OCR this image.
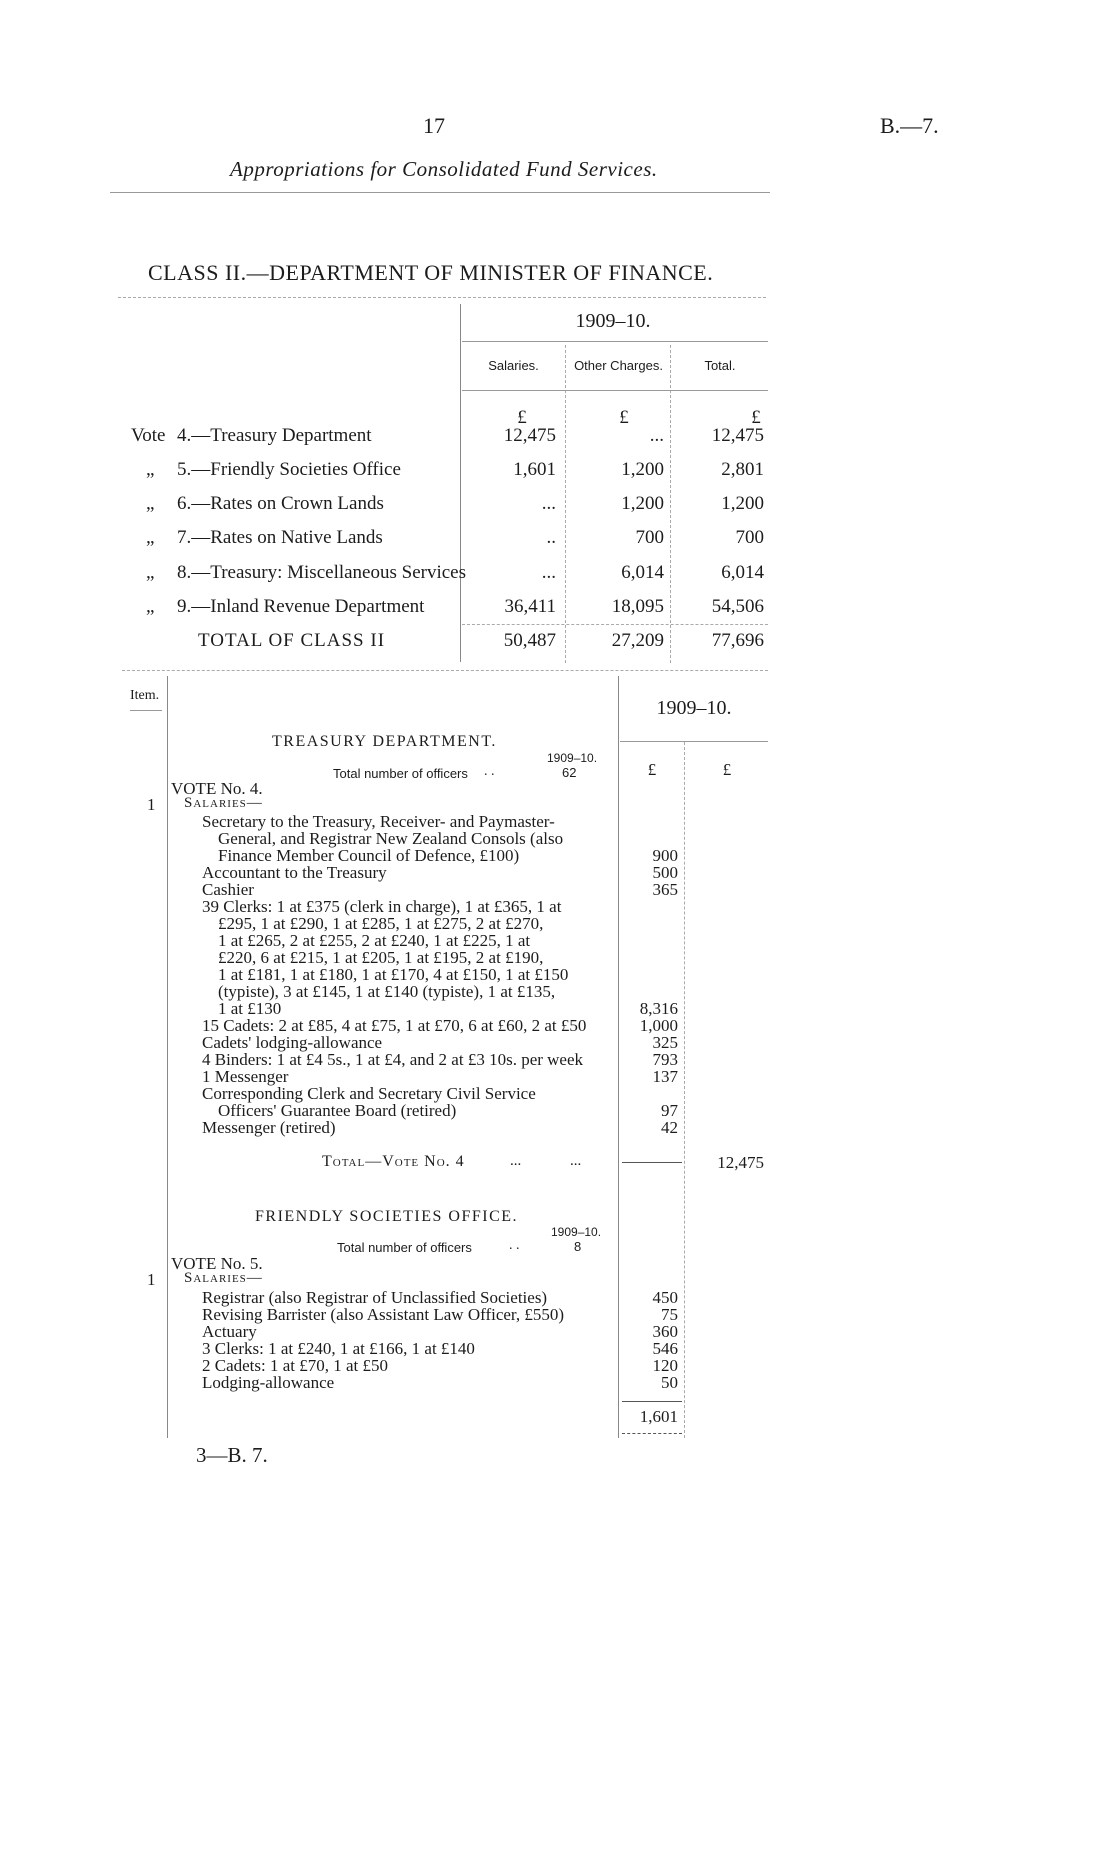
17	B.—7.
Appropriations for Consolidated Fund Services.
CLASS II.—DEPARTMENT OF MINISTER OF FINANCE.
1909–10.
Salaries.	Other Charges.	Total.
£	£	£
Vote 4.—Treasury Department	12,475	...	12,475
„ 5.—Friendly Societies Office	1,601	1,200	2,801
„ 6.—Rates on Crown Lands	...	1,200	1,200
„ 7.—Rates on Native Lands	..	700	700
„ 8.—Treasury: Miscellaneous Services	...	6,014	6,014
„ 9.—Inland Revenue Department	36,411	18,095	54,506
TOTAL OF CLASS II	50,487	27,209	77,696
Item.
1909–10.
£	£
TREASURY DEPARTMENT.
1909–10.
Total number of officers . .	62
VOTE No. 4.
1 Salaries—
Secretary to the Treasury, Receiver- and Paymaster-
General, and Registrar New Zealand Consols (also
Finance Member Council of Defence, £100)	900
Accountant to the Treasury	500
Cashier	365
39 Clerks: 1 at £375 (clerk in charge), 1 at £365, 1 at
£295, 1 at £290, 1 at £285, 1 at £275, 2 at £270,
1 at £265, 2 at £255, 2 at £240, 1 at £225, 1 at
£220, 6 at £215, 1 at £205, 1 at £195, 2 at £190,
1 at £181, 1 at £180, 1 at £170, 4 at £150, 1 at £150
(typiste), 3 at £145, 1 at £140 (typiste), 1 at £135,
1 at £130	8,316
15 Cadets: 2 at £85, 4 at £75, 1 at £70, 6 at £60, 2 at £50	1,000
Cadets' lodging-allowance	325
4 Binders: 1 at £4 5s., 1 at £4, and 2 at £3 10s. per week	793
1 Messenger	137
Corresponding Clerk and Secretary Civil Service
Officers' Guarantee Board (retired)	97
Messenger (retired)	42
Total—Vote No. 4	...             ...	12,475
FRIENDLY SOCIETIES OFFICE.
1909–10.
Total number of officers	. .	8
VOTE No. 5.
1 Salaries—
Registrar (also Registrar of Unclassified Societies)	450
Revising Barrister (also Assistant Law Officer, £550)	75
Actuary	360
3 Clerks: 1 at £240, 1 at £166, 1 at £140	546
2 Cadets: 1 at £70, 1 at £50	120
Lodging-allowance	50
1,601
3—B. 7.
